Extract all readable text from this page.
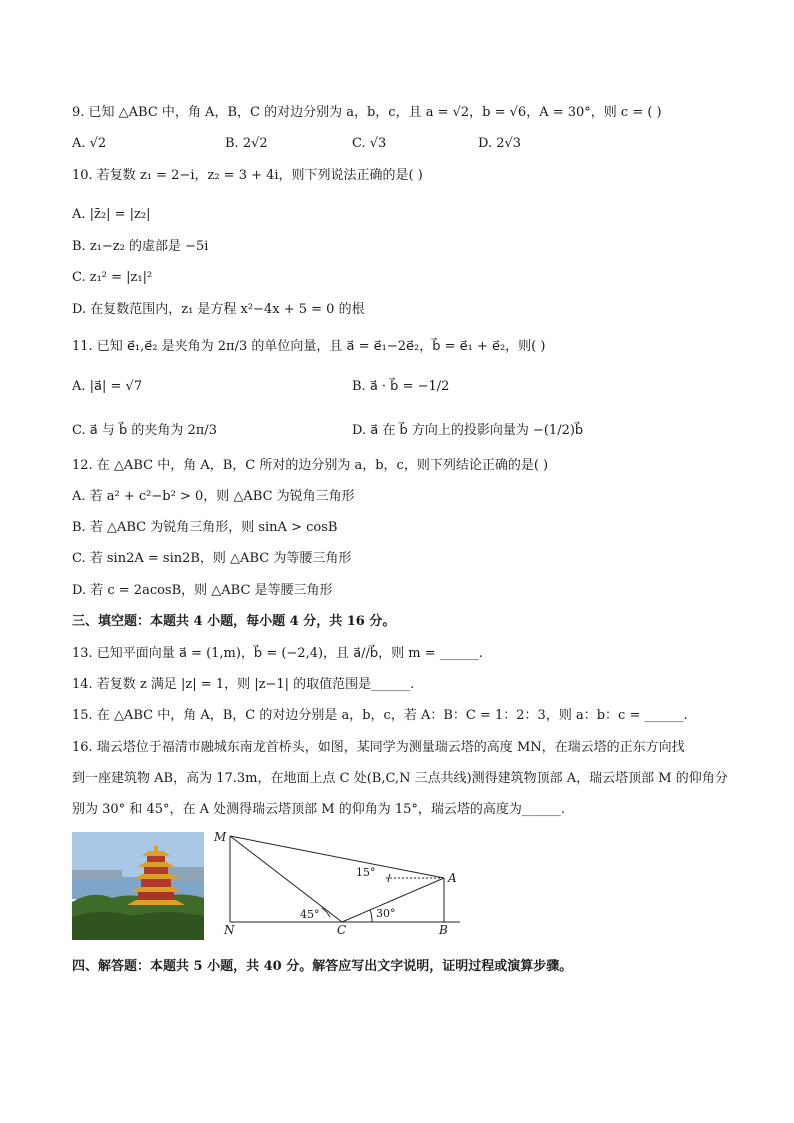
9. 已知 △ABC 中，角 A，B，C 的对边分别为 a，b，c，且 a = √2，b = √6，A = 30°，则 c = ( )
A. √2	B. 2√2	C. √3	D. 2√3
10. 若复数 z₁ = 2−i，z₂ = 3 + 4i，则下列说法正确的是( )
A. |z̄₂| = |z₂|
B. z₁−z₂ 的虚部是 −5i
C. z₁² = |z₁|²
D. 在复数范围内，z₁ 是方程 x²−4x + 5 = 0 的根
11. 已知 e⃗₁,e⃗₂ 是夹角为 2π/3 的单位向量，且 a⃗ = e⃗₁−2e⃗₂，b⃗ = e⃗₁ + e⃗₂，则( )
A. |a⃗| = √7	B. a⃗ · b⃗ = −1/2
C. a⃗ 与 b⃗ 的夹角为 2π/3	D. a⃗ 在 b⃗ 方向上的投影向量为 −(1/2)b⃗
12. 在 △ABC 中，角 A，B，C 所对的边分别为 a，b，c，则下列结论正确的是( )
A. 若 a² + c²−b² > 0，则 △ABC 为锐角三角形
B. 若 △ABC 为锐角三角形，则 sinA > cosB
C. 若 sin2A = sin2B，则 △ABC 为等腰三角形
D. 若 c = 2acosB，则 △ABC 是等腰三角形
三、填空题：本题共 4 小题，每小题 4 分，共 16 分。
13. 已知平面向量 a⃗ = (1,m)，b⃗ = (−2,4)，且 a⃗//b⃗，则 m = ______.
14. 若复数 z 满足 |z| = 1，则 |z−1| 的取值范围是______.
15. 在 △ABC 中，角 A，B，C 的对边分别是 a，b，c，若 A：B：C = 1：2：3，则 a：b：c = ______.
16. 瑞云塔位于福清市融城东南龙首桥头，如图，某同学为测量瑞云塔的高度 MN，在瑞云塔的正东方向找
到一座建筑物 AB，高为 17.3m，在地面上点 C 处(B,C,N 三点共线)测得建筑物顶部 A，瑞云塔顶部 M 的仰角分
别为 30° 和 45°，在 A 处测得瑞云塔顶部 M 的仰角为 15°，瑞云塔的高度为______.
M
N	C	B
A
15°
45°	30°
四、解答题：本题共 5 小题，共 40 分。解答应写出文字说明，证明过程或演算步骤。
